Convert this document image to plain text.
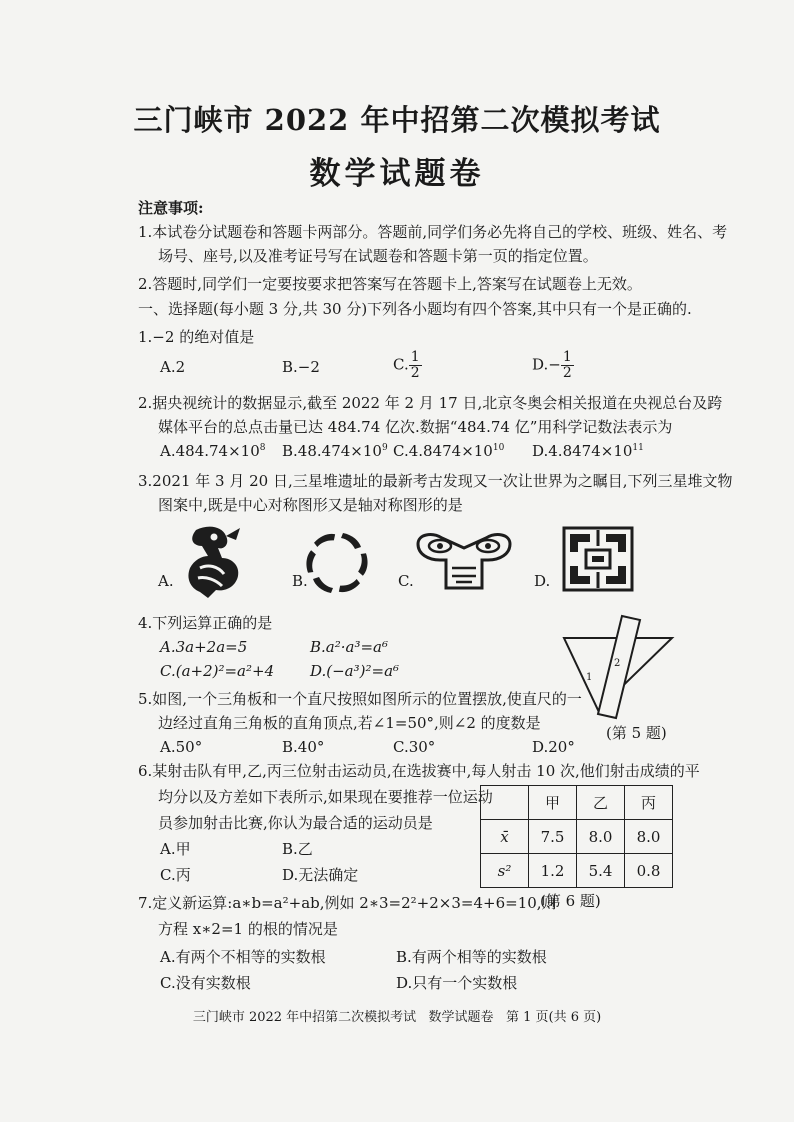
三门峡市 2022 年中招第二次模拟考试
数学试题卷
注意事项:
1.本试卷分试题卷和答题卡两部分。答题前,同学们务必先将自己的学校、班级、姓名、考
场号、座号,以及准考证号写在试题卷和答题卡第一页的指定位置。
2.答题时,同学们一定要按要求把答案写在答题卡上,答案写在试题卷上无效。
一、选择题(每小题 3 分,共 30 分)下列各小题均有四个答案,其中只有一个是正确的.
1.−2 的绝对值是
A.2	B.−2	C. $\frac{1}{2}$	$D.- \frac{1}{2}$
2.据央视统计的数据显示,截至 2022 年 2 月 17 日,北京冬奥会相关报道在央视总台及跨
媒体平台的总点击量已达 484.74 亿次.数据“484.74 亿”用科学记数法表示为
$A.484.74\times 10^8$ $B.48.474\times 10^9$ $C.4.8474\times 10^{10}$ $D.4.8474\times 10^{11}$
3.2021 年 3 月 20 日,三星堆遗址的最新考古发现又一次让世界为之瞩目,下列三星堆文物
图案中,既是中心对称图形又是轴对称图形的是
A.	B.	C.	D.
4.下列运算正确的是
A.3a+2a=5	B.a²·a³=a⁶
C.(a+2)²=a²+4 D.(−a³)²=a⁶	2
1
(第 5 题)
5.如图,一个三角板和一个直尺按照如图所示的位置摆放,使直尺的一
边经过直角三角板的直角顶点,若∠1=50°,则∠2 的度数是
A.50°	B.40°	C.30°	D.20°
6.某射击队有甲,乙,丙三位射击运动员,在选拔赛中,每人射击 10 次,他们射击成绩的平
均分以及方差如下表所示,如果现在要推荐一位运动
员参加射击比赛,你认为最合适的运动员是
A.甲	B.乙
C.丙	D.无法确定
	甲	乙	丙
x̄	7.5	8.0	8.0
s²	1.2	5.4	0.8
(第 6 题)
7.定义新运算:a∗b=a²+ab,例如 2∗3=2²+2×3=4+6=10,则
方程 x∗2=1 的根的情况是
A.有两个不相等的实数根	B.有两个相等的实数根
C.没有实数根	D.只有一个实数根
三门峡市 2022 年中招第二次模拟考试   数学试题卷   第 1 页(共 6 页)
